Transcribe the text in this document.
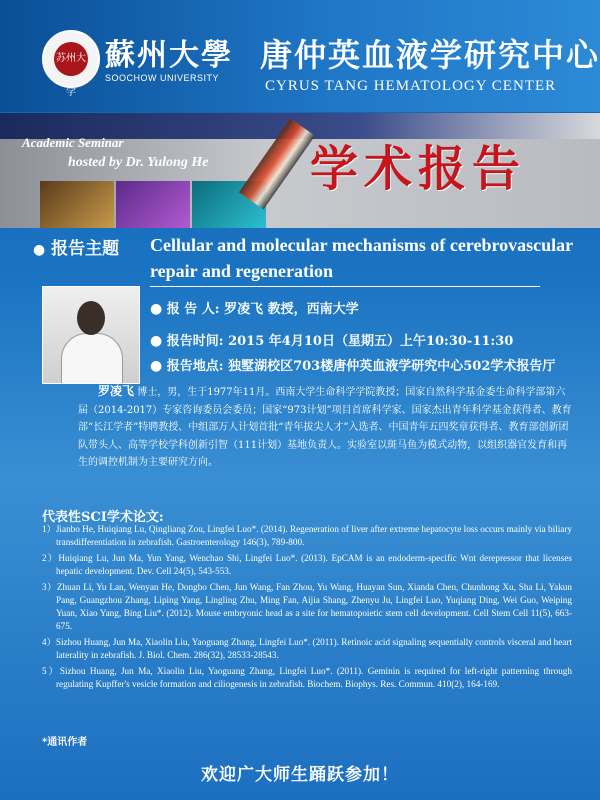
苏州大学
蘇州大學
SOOCHOW UNIVERSITY
唐仲英血液学研究中心
CYRUS TANG HEMATOLOGY CENTER
Academic Seminar
hosted by Dr. Yulong He 学术报告
● 报告主题 Cellular and molecular mechanisms of cerebrovascular repair and regeneration
● 报 告 人: 罗凌飞 教授，西南大学
● 报告时间: 2015 年4月10日（星期五）上午10:30-11:30
● 报告地点: 独墅湖校区703楼唐仲英血液学研究中心502学术报告厅
罗凌飞 博士，男，生于1977年11月。西南大学生命科学学院教授；国家自然科学基金委生命科学部第六届（2014-2017）专家咨询委员会委员；国家“973计划”项目首席科学家、国家杰出青年科学基金获得者、教育部“长江学者”特聘教授、中组部万人计划首批“青年拔尖人才”入选者、中国青年五四奖章获得者、教育部创新团队带头人、高等学校学科创新引智（111计划）基地负责人。实验室以斑马鱼为模式动物，以组织器官发育和再生的调控机制为主要研究方向。
代表性SCI学术论文:
1）Jianbo He, Huiqiang Lu, Qingliang Zou, Lingfei Luo*. (2014). Regeneration of liver after extreme hepatocyte loss occurs mainly via biliary transdifferentiation in zebrafish. Gastroenterology 146(3), 789-800.
2）Huiqiang Lu, Jun Ma, Yun Yang, Wenchao Shi, Lingfei Luo*. (2013). EpCAM is an endoderm-specific Wnt derepressor that licenses hepatic development. Dev. Cell 24(5), 543-553.
3）Zhuan Li, Yu Lan, Wenyan He, Dongbo Chen, Jun Wang, Fan Zhou, Yu Wang, Huayan Sun, Xianda Chen, Chunhong Xu, Sha Li, Yakun Pang, Guangzhou Zhang, Liping Yang, Lingling Zhu, Ming Fan, Aijia Shang, Zhenyu Ju, Lingfei Luo, Yuqiang Ding, Wei Guo, Weiping Yuan, Xiao Yang, Bing Liu*. (2012). Mouse embryonic head as a site for hematopoietic stem cell development. Cell Stem Cell 11(5), 663-675.
4）Sizhou Huang, Jun Ma, Xiaolin Liu, Yaoguang Zhang, Lingfei Luo*. (2011). Retinoic acid signaling sequentially controls visceral and heart laterality in zebrafish. J. Biol. Chem. 286(32), 28533-28543.
5）Sizhou Huang, Jun Ma, Xiaolin Liu, Yaoguang Zhang, Lingfei Luo*. (2011). Geminin is required for left-right patterning through regulating Kupffer's vesicle formation and ciliogenesis in zebrafish. Biochem. Biophys. Res. Commun. 410(2), 164-169.
*通讯作者
欢迎广大师生踊跃参加！
